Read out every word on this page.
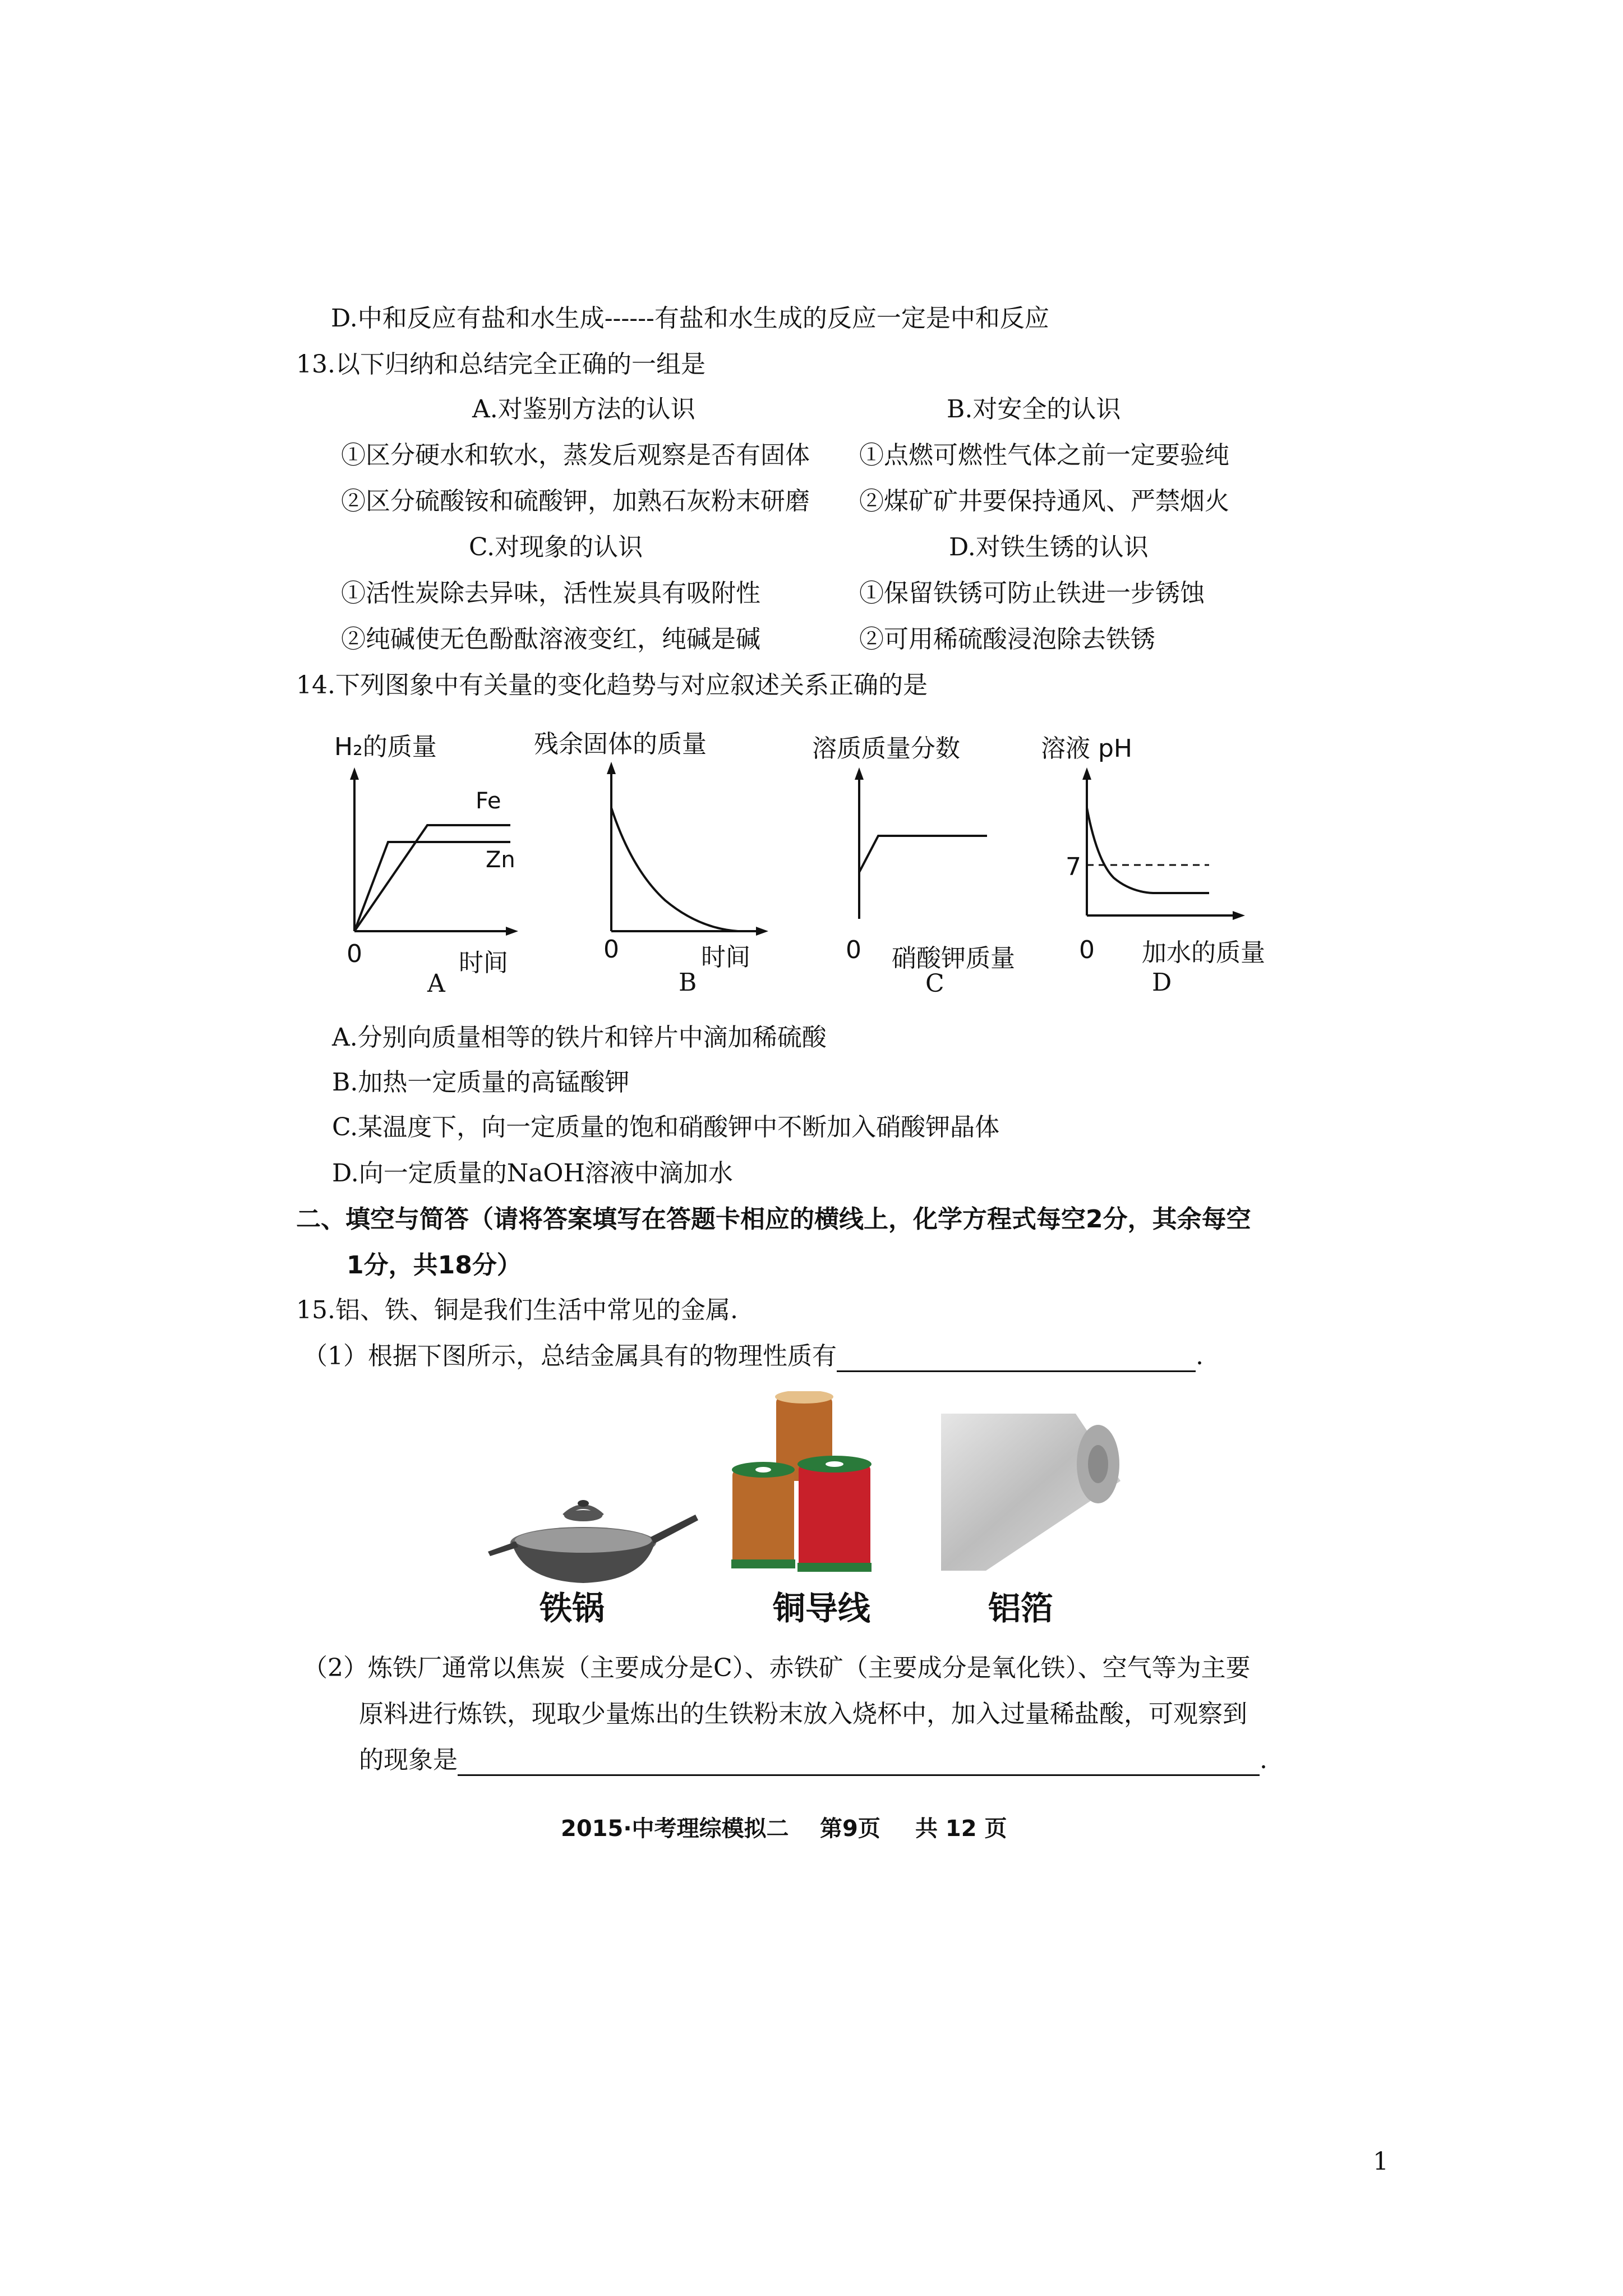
D.中和反应有盐和水生成------有盐和水生成的反应一定是中和反应
13.以下归纳和总结完全正确的一组是
A.对鉴别方法的认识	B.对安全的认识
①区分硬水和软水，蒸发后观察是否有固体 ①点燃可燃性气体之前一定要验纯
②区分硫酸铵和硫酸钾，加熟石灰粉末研磨 ②煤矿矿井要保持通风、严禁烟火
C.对现象的认识	D.对铁生锈的认识
①活性炭除去异味，活性炭具有吸附性	①保留铁锈可防止铁进一步锈蚀
②纯碱使无色酚酞溶液变红，纯碱是碱	②可用稀硫酸浸泡除去铁锈
14.下列图象中有关量的变化趋势与对应叙述关系正确的是
H₂的质量
Fe
Zn
0	时间
A
残余固体的质量
0	时间
B
溶质质量分数
0 硝酸钾质量
C
溶液 pH
7
0 加水的质量
D
A.分别向质量相等的铁片和锌片中滴加稀硫酸
B.加热一定质量的高锰酸钾
C.某温度下，向一定质量的饱和硝酸钾中不断加入硝酸钾晶体
D.向一定质量的NaOH溶液中滴加水
二、填空与简答（请将答案填写在答题卡相应的横线上，化学方程式每空2分，其余每空
1分，共18分）
15.铝、铁、铜是我们生活中常见的金属.
（1）根据下图所示，总结金属具有的物理性质有	.
铁锅	铜导线	铝箔
（2）炼铁厂通常以焦炭（主要成分是C）、赤铁矿（主要成分是氧化铁）、空气等为主要
原料进行炼铁，现取少量炼出的生铁粉末放入烧杯中，加入过量稀盐酸，可观察到
的现象是	.
2015·中考理综模拟二 第9页 共 12 页
1
